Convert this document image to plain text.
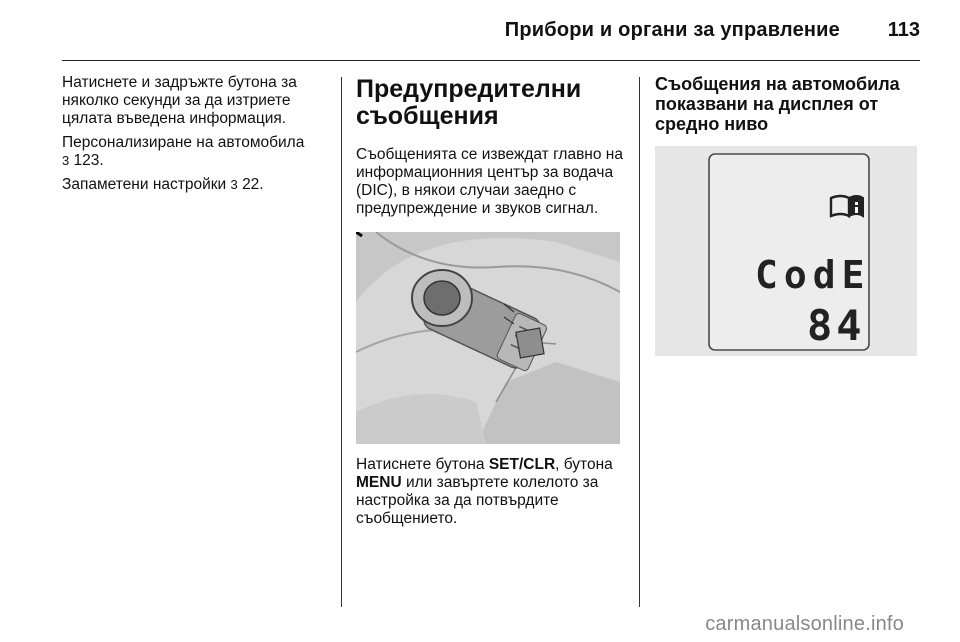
Прибори и органи за управление 113

Натиснете и задръжте бутона за няколко секунди за да изтриете цялата въведена информация.

Персонализиране на автомобила
3 123.

Запаметени настройки 3 22.

Предупредителни съобщения

Съобщенията се извеждат главно на информационния център за водача (DIC), в някои случаи заедно с предупреждение и звуков сигнал.

Натиснете бутона SET/CLR, бутона MENU или завъртете колелото за настройка за да потвърдите съобщението.

Съобщения на автомобила показвани на дисплея от средно ниво
CodE
84
carmanualsonline.info
